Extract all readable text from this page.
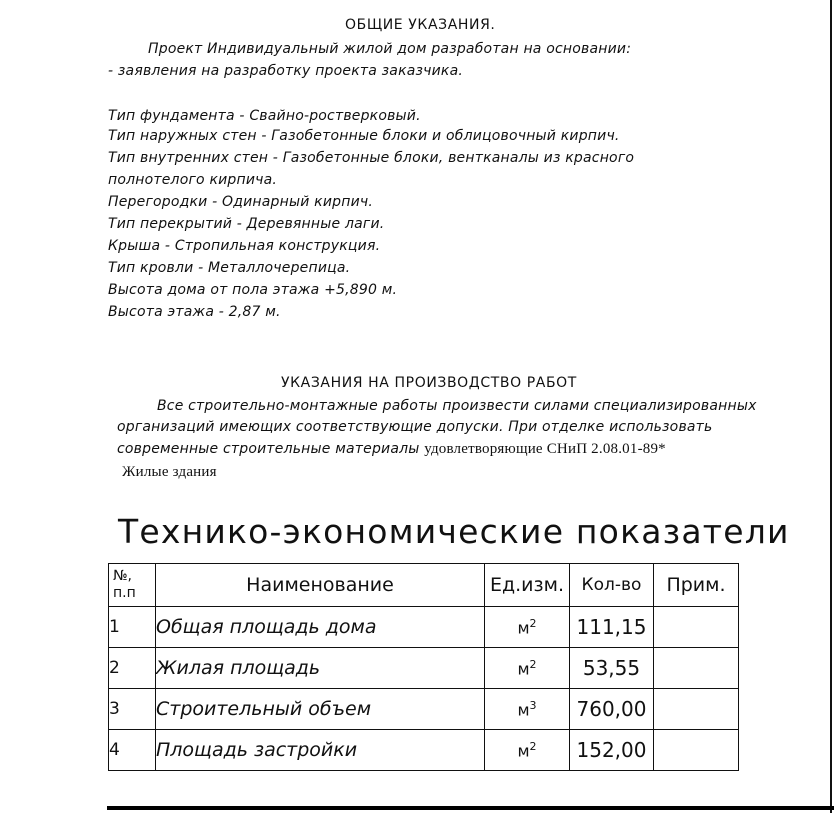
ОБЩИЕ УКАЗАНИЯ.
Проект Индивидуальный жилой дом разработан на основании:
- заявления на разработку проекта заказчика.
Тип фундамента - Свайно-ростверковый.
Тип наружных стен - Газобетонные блоки и облицовочный кирпич.
Тип внутренних стен - Газобетонные блоки, вентканалы из красного
полнотелого кирпича.
Перегородки - Одинарный кирпич.
Тип перекрытий - Деревянные лаги.
Крыша - Стропильная конструкция.
Тип кровли - Металлочерепица.
Высота дома от пола этажа +5,890 м.
Высота этажа - 2,87 м.
УКАЗАНИЯ НА ПРОИЗВОДСТВО РАБОТ
Все строительно-монтажные работы произвести силами специализированных
организаций имеющих соответствующие допуски. При отделке использовать
современные строительные материалы удовлетворяющие СНиП 2.08.01-89*
Жилые здания
Технико-экономические показатели
№,
п.п	Наименование	Ед.изм.	Кол-во	Прим.
1	Общая площадь дома	$м^2$	111,15	
2	Жилая площадь	$м^2$	53,55	
3	Строительный объем	$м^3$	760,00	
4	Площадь застройки	$м^2$	152,00	
